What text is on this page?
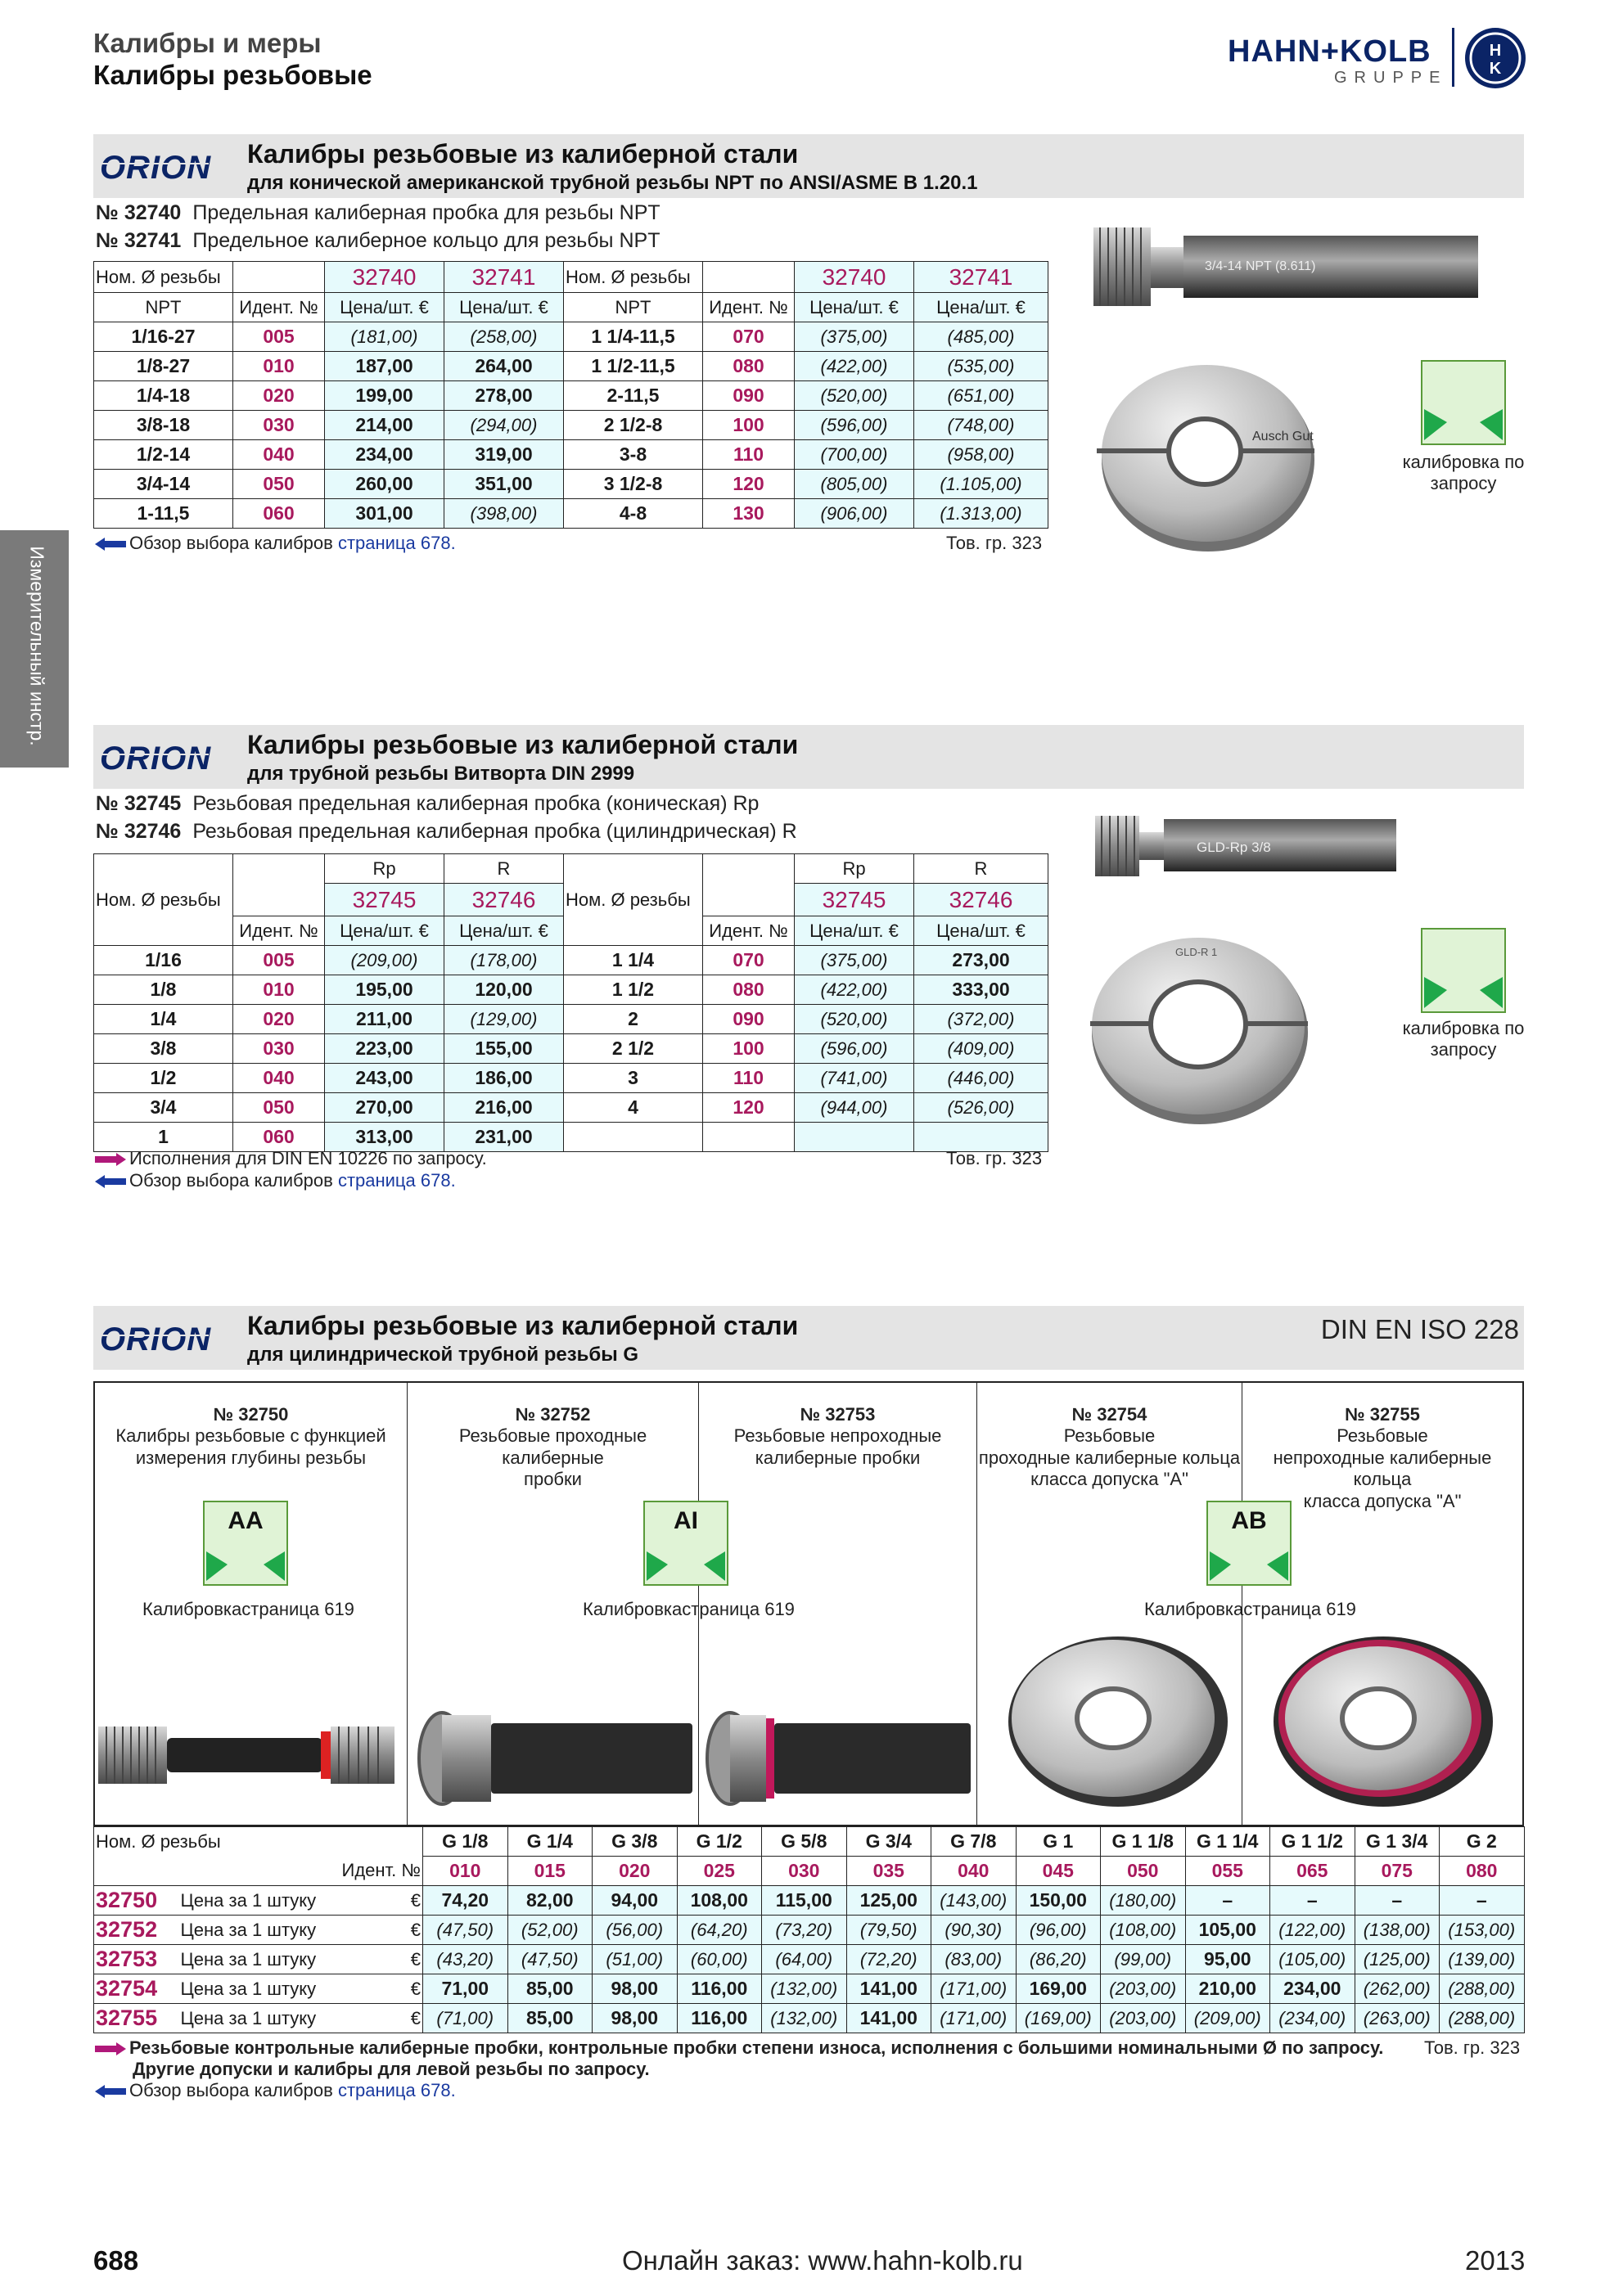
Калибры и меры
Калибры резьбовые
HAHN+KOLB
GRUPPE
H
K
Измерительный инстр.
ORION Калибры резьбовые из калиберной стали
для конической американской трубной резьбы NPT по ANSI/ASME B 1.20.1
№ 32740 Предельная калиберная пробка для резьбы NPT
№ 32741 Предельное калиберное кольцо для резьбы NPT
Ном. Ø резьбы		32740	32741	Ном. Ø резьбы		32740	32741
NPT	Идент. №	Цена/шт. €	Цена/шт. €	NPT	Идент. №	Цена/шт. €	Цена/шт. €
1/16-27	005	(181,00)	(258,00)	1 1/4-11,5	070	(375,00)	(485,00)
1/8-27	010	187,00	264,00	1 1/2-11,5	080	(422,00)	(535,00)
1/4-18	020	199,00	278,00	2-11,5	090	(520,00)	(651,00)
3/8-18	030	214,00	(294,00)	2 1/2-8	100	(596,00)	(748,00)
1/2-14	040	234,00	319,00	3-8	110	(700,00)	(958,00)
3/4-14	050	260,00	351,00	3 1/2-8	120	(805,00)	(1.105,00)
1-11,5	060	301,00	(398,00)	4-8	130	(906,00)	(1.313,00)
Обзор выбора калибров страница 678.	Тов. гр. 323
3/4-14 NPT (8.611)
Ausch Gut
калибровка по запросу
ORION Калибры резьбовые из калиберной стали
для трубной резьбы Витворта DIN 2999
№ 32745 Резьбовая предельная калиберная пробка (коническая) Rp
№ 32746 Резьбовая предельная калиберная пробка (цилиндрическая) R
		Rp	R			Rp	R
Ном. Ø резьбы		32745	32746	Ном. Ø резьбы		32745	32746
	Идент. №	Цена/шт. €	Цена/шт. €		Идент. №	Цена/шт. €	Цена/шт. €
1/16	005	(209,00)	(178,00)	1 1/4	070	(375,00)	273,00
1/8	010	195,00	120,00	1 1/2	080	(422,00)	333,00
1/4	020	211,00	(129,00)	2	090	(520,00)	(372,00)
3/8	030	223,00	155,00	2 1/2	100	(596,00)	(409,00)
1/2	040	243,00	186,00	3	110	(741,00)	(446,00)
3/4	050	270,00	216,00	4	120	(944,00)	(526,00)
1	060	313,00	231,00				
Исполнения для DIN EN 10226 по запросу.	Тов. гр. 323
Обзор выбора калибров страница 678.
GLD-Rp 3/8
GLD-R 1
калибровка по запросу
ORION Калибры резьбовые из калиберной стали
для цилиндрической трубной резьбы G
DIN EN ISO 228
№ 32750
Калибры резьбовые с функцией
измерения глубины резьбы
№ 32752
Резьбовые проходные калиберные
пробки
№ 32753
Резьбовые непроходные
калиберные пробки
№ 32754
Резьбовые
проходные калиберные кольца
класса допуска "А"
№ 32755
Резьбовые
непроходные калиберные кольца
класса допуска "А"
AA
Калибровкастраница 619
AI
Калибровкастраница 619
AB
Калибровкастраница 619
Ном. Ø резьбы		G 1/8	G 1/4	G 3/8	G 1/2	G 5/8	G 3/4	G 7/8	G 1	G 1 1/8	G 1 1/4	G 1 1/2	G 1 3/4	G 2
Идент. №		010	015	020	025	030	035	040	045	050	055	065	075	080
32750	Цена за 1 штуку €	74,20	82,00	94,00	108,00	115,00	125,00	(143,00)	150,00	(180,00)	–	–	–	–
32752	Цена за 1 штуку €	(47,50)	(52,00)	(56,00)	(64,20)	(73,20)	(79,50)	(90,30)	(96,00)	(108,00)	105,00	(122,00)	(138,00)	(153,00)
32753	Цена за 1 штуку €	(43,20)	(47,50)	(51,00)	(60,00)	(64,00)	(72,20)	(83,00)	(86,20)	(99,00)	95,00	(105,00)	(125,00)	(139,00)
32754	Цена за 1 штуку €	71,00	85,00	98,00	116,00	(132,00)	141,00	(171,00)	169,00	(203,00)	210,00	234,00	(262,00)	(288,00)
32755	Цена за 1 штуку €	(71,00)	85,00	98,00	116,00	(132,00)	141,00	(171,00)	(169,00)	(203,00)	(209,00)	(234,00)	(263,00)	(288,00)
Резьбовые контрольные калиберные пробки, контрольные пробки степени износа, исполнения с большими номинальными Ø по запросу. Тов. гр. 323
Другие допуски и калибры для левой резьбы по запросу.
Обзор выбора калибров страница 678.
688	Онлайн заказ: www.hahn-kolb.ru	2013
